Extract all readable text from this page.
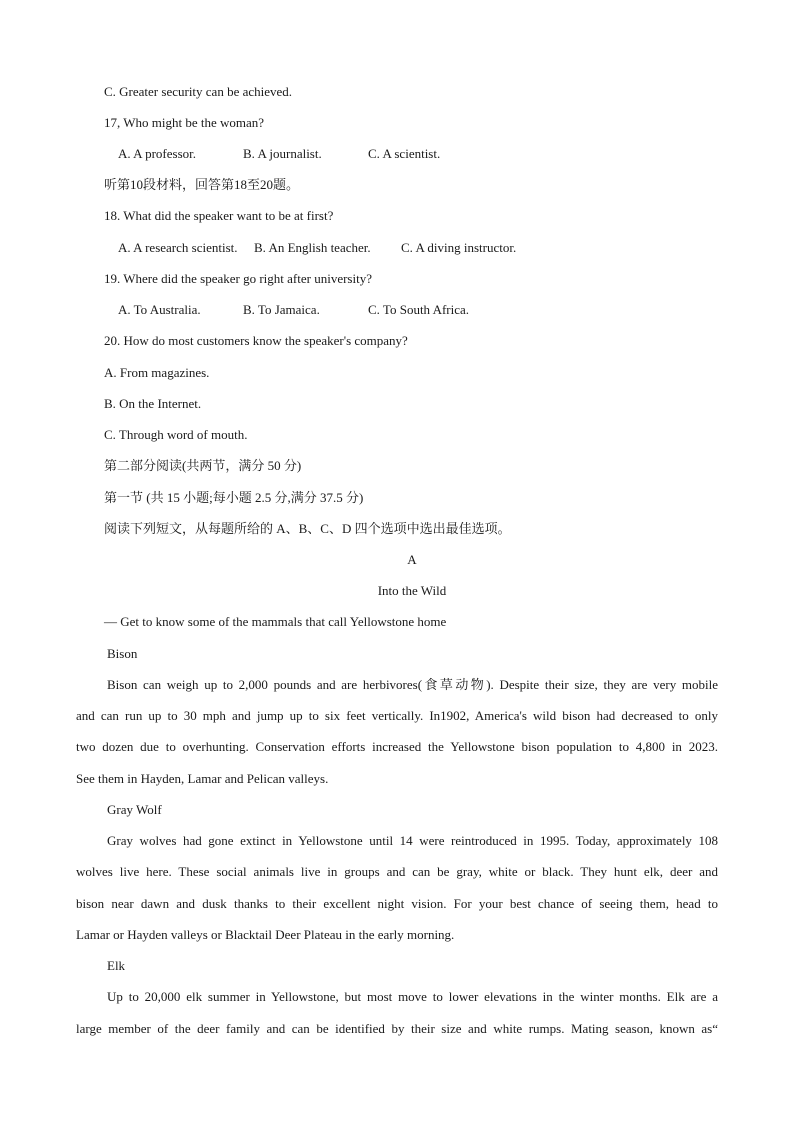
C. Greater security can be achieved.
17, Who might be the woman?
A. A professor.	B. A journalist.	C. A scientist.
听第10段材料，回答第18至20题。
18. What did the speaker want to be at first?
A. A research scientist. B. An English teacher. C. A diving instructor.
19. Where did the speaker go right after university?
A. To Australia.	B. To Jamaica.	C. To South Africa.
20. How do most customers know the speaker's company?
A. From magazines.
B. On the Internet.
C. Through word of mouth.
第二部分阅读(共两节，满分 50 分)
第一节 (共 15 小题;每小题 2.5 分,满分 37.5 分)
阅读下列短文，从每题所给的 A、B、C、D 四个选项中选出最佳选项。
A
Into the Wild
— Get to know some of the mammals that call Yellowstone home
Bison
Bison can weigh up to 2,000 pounds and are herbivores(食草动物). Despite their size, they are very mobile
and can run up to 30 mph and jump up to six feet vertically. In1902, America's wild bison had decreased to only
two dozen due to overhunting. Conservation efforts increased the Yellowstone bison population to 4,800 in 2023.
See them in Hayden, Lamar and Pelican valleys.
Gray Wolf
Gray wolves had gone extinct in Yellowstone until 14 were reintroduced in 1995. Today, approximately 108
wolves live here. These social animals live in groups and can be gray, white or black. They hunt elk, deer and
bison near dawn and dusk thanks to their excellent night vision. For your best chance of seeing them, head to
Lamar or Hayden valleys or Blacktail Deer Plateau in the early morning.
Elk
Up to 20,000 elk summer in Yellowstone, but most move to lower elevations in the winter months. Elk are a
large member of the deer family and can be identified by their size and white rumps. Mating season, known as“
